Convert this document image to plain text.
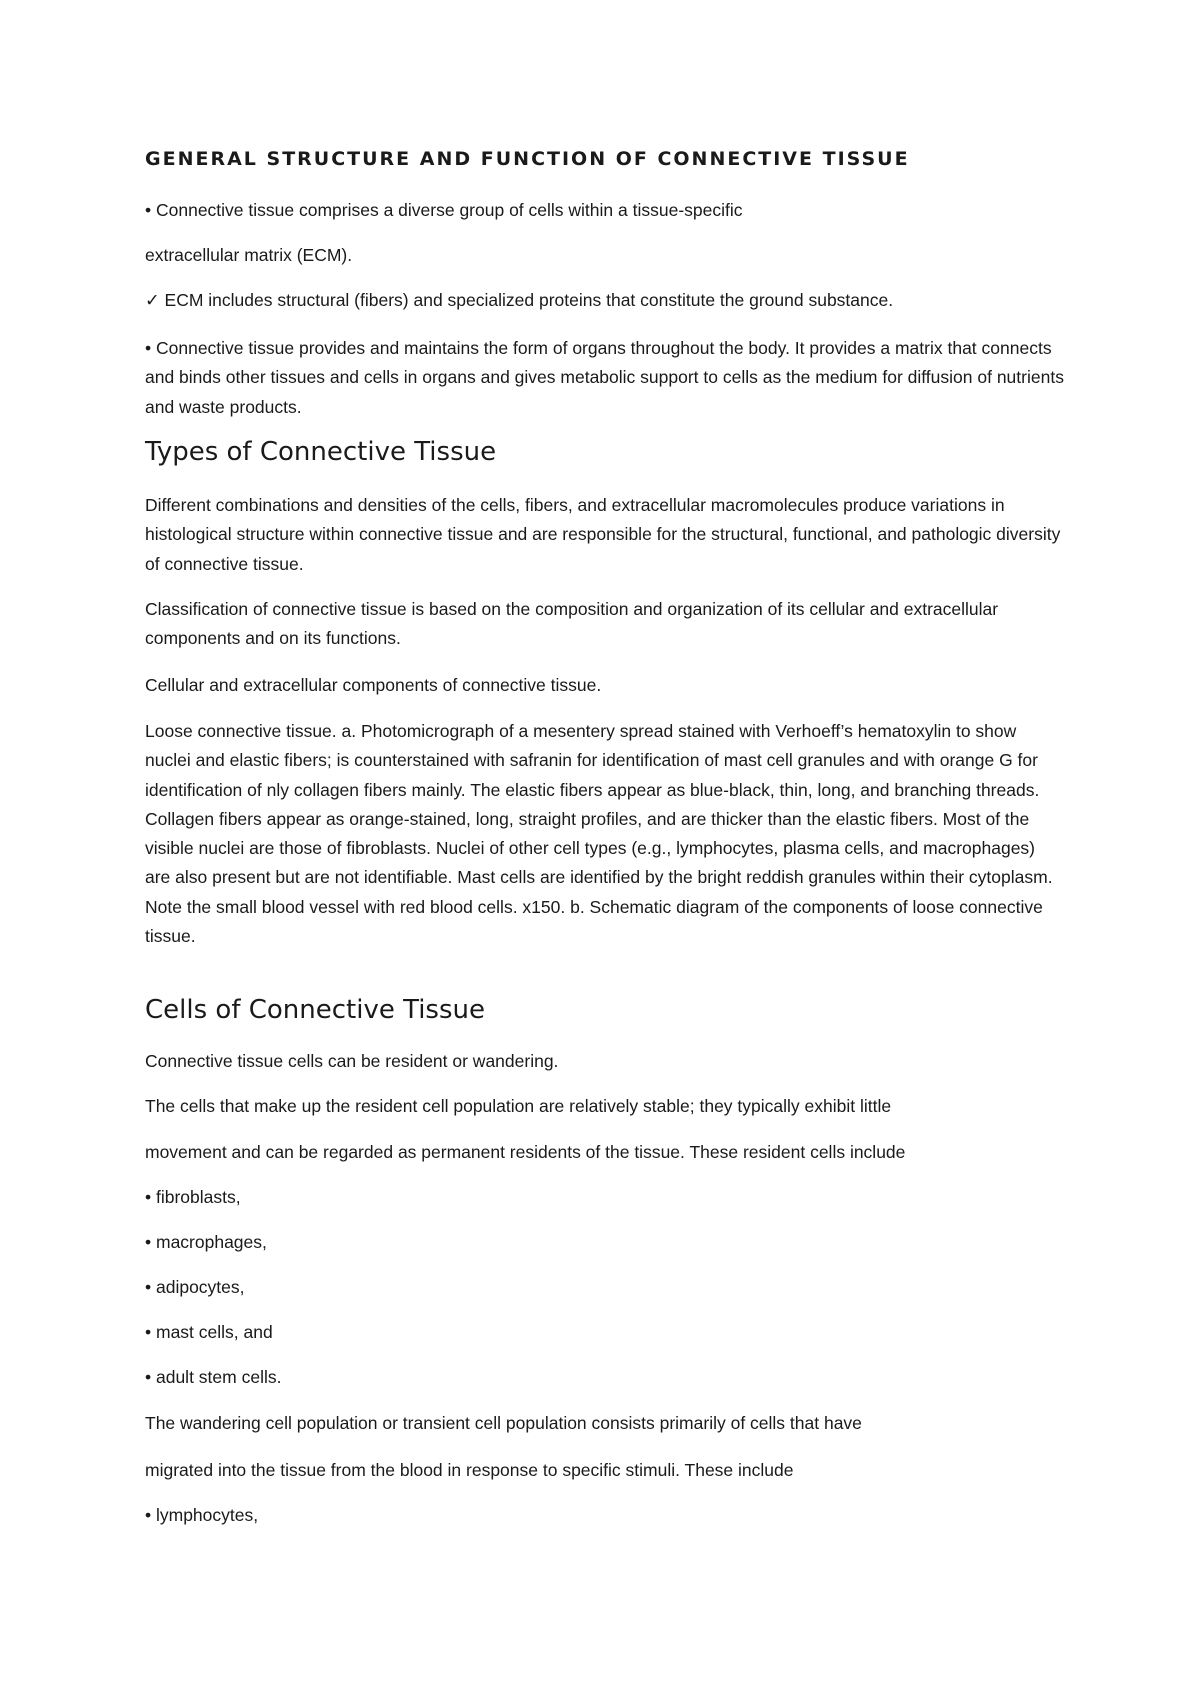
GENERAL STRUCTURE AND FUNCTION OF CONNECTIVE TISSUE

• Connective tissue comprises a diverse group of cells within a tissue-specific

extracellular matrix (ECM).

✓ ECM includes structural (fibers) and specialized proteins that constitute the ground substance.

• Connective tissue provides and maintains the form of organs throughout the body. It provides a matrix that connects and binds other tissues and cells in organs and gives metabolic support to cells as the medium for diffusion of nutrients and waste products.

Types of Connective Tissue

Different combinations and densities of the cells, fibers, and extracellular macromolecules produce variations in histological structure within connective tissue and are responsible for the structural, functional, and pathologic diversity of connective tissue.

Classification of connective tissue is based on the composition and organization of its cellular and extracellular components and on its functions.

Cellular and extracellular components of connective tissue.

Loose connective tissue. a. Photomicrograph of a mesentery spread stained with Verhoeff’s hematoxylin to show nuclei and elastic fibers; is counterstained with safranin for identification of mast cell granules and with orange G for identification of nly collagen fibers mainly. The elastic fibers appear as blue-black, thin, long, and branching threads. Collagen fibers appear as orange-stained, long, straight profiles, and are thicker than the elastic fibers. Most of the visible nuclei are those of fibroblasts. Nuclei of other cell types (e.g., lymphocytes, plasma cells, and macrophages) are also present but are not identifiable. Mast cells are identified by the bright reddish granules within their cytoplasm. Note the small blood vessel with red blood cells. x150. b. Schematic diagram of the components of loose connective tissue.

Cells of Connective Tissue

Connective tissue cells can be resident or wandering.

The cells that make up the resident cell population are relatively stable; they typically exhibit little

movement and can be regarded as permanent residents of the tissue. These resident cells include

• fibroblasts,

• macrophages,

• adipocytes,

• mast cells, and

• adult stem cells.

The wandering cell population or transient cell population consists primarily of cells that have

migrated into the tissue from the blood in response to specific stimuli. These include

• lymphocytes,
